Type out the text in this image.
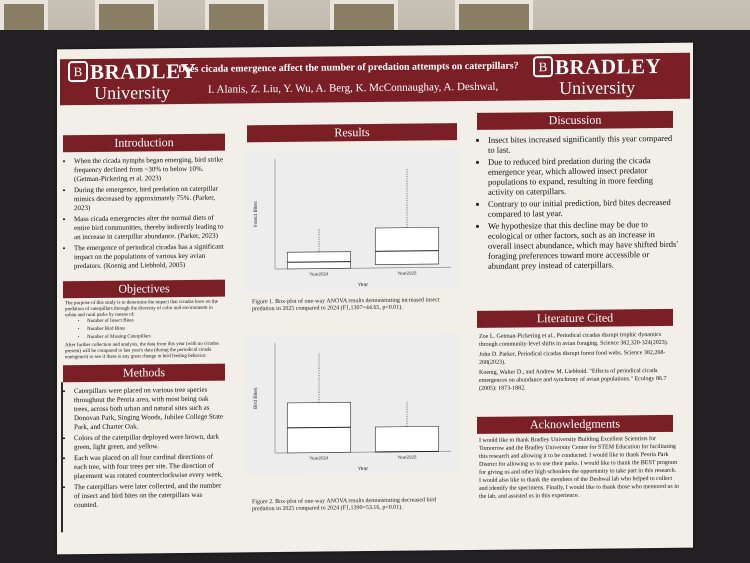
B BRADLEY
University
Does cicada emergence affect the number of predation attempts on caterpillars?
I. Alanis, Z. Liu, Y. Wu, A. Berg, K. McConnaughay, A. Deshwal,
B BRADLEY
University
Introduction
• When the cicada nymphs began emerging, bird strike frequency declined from ~30% to below 10%. (Getman-Pickering et al. 2023)
• During the emergence, bird predation on caterpillar mimics decreased by approximately 75%. (Parker, 2023)
• Mass cicada emergencies alter the normal diets of entire bird communities, thereby indirectly leading to an increase in caterpillar abundance. (Parker, 2023)
• The emergence of periodical cicadas has a significant impact on the populations of various key avian predators. (Koenig and Liebhold, 2005)
Objectives
The purpose of this study is to determine the impact that cicadas have on the predation of caterpillars through the diversity of color and environment in urban and rural parks by means of:
• Number of Insect Bites
• Number Bird Bites
• Number of Missing Caterpillars
After further collection and analysis, the data from this year (with no cicadas present) will be compared to last year's data (during the periodical cicada emergence) to see if there is any great change in bird feeding behavior.
Methods
• Caterpillars were placed on various tree species throughout the Peoria area, with most being oak trees, across both urban and natural sites such as Donovan Park, Singing Woods, Jubilee College State Park, and Charter Oak.
• Colors of the caterpillar deployed were brown, dark green, light green, and yellow.
• Each was placed on all four cardinal directions of each tree, with four trees per site. The direction of placement was rotated counterclockwise every week.
• The caterpillars were later collected, and the number of insect and bird bites on the caterpillars was counted.
Results
Insect Bites
Year
Year2024	Year2025
Figure 1. Box-plot of one-way ANOVA results demonstrating increased insect predation in 2025 compared to 2024 (F1,1307=44.65, p<0.01).
Bird Bites
Year
Year2024	Year2025
Figure 2. Box-plot of one-way ANOVA results demonstrating decreased bird predation in 2025 compared to 2024 (F1,1390=53.16, p<0.01).
Discussion
• Insect bites increased significantly this year compared to last.
• Due to reduced bird predation during the cicada emergence year, which allowed insect predator populations to expand, resulting in more feeding activity on caterpillars.
• Contrary to our initial prediction, bird bites decreased compared to last year.
• We hypothesize that this decline may be due to ecological or other factors, such as an increase in overall insect abundance, which may have shifted birds' foraging preferences toward more accessible or abundant prey instead of caterpillars.
Literature Cited
Zoe L. Getman-Pickering et al., Periodical cicadas disrupt trophic dynamics through community-level shifts in avian foraging. Science 382,320-324(2023).
John D. Parker, Periodical cicadas disrupt forest food webs. Science 382,268-268(2023).
Koenig, Walter D., and Andrew M. Liebhold. "Effects of periodical cicada emergences on abundance and synchrony of avian populations." Ecology 86.7 (2005): 1873-1882.
Acknowledgments
I would like to thank Bradley University Building Excellent Scientists for Tomorrow and the Bradley University Center for STEM Education for facilitating this research and allowing it to be conducted. I would like to thank Peoria Park District for allowing us to use their parks. I would like to thank the BEST program for giving us and other high schoolers the opportunity to take part in this research. I would also like to thank the members of the Deshwal lab who helped to collect and identify the specimens. Finally, I would like to thank those who mentored us in the lab, and assisted us in this experience.
